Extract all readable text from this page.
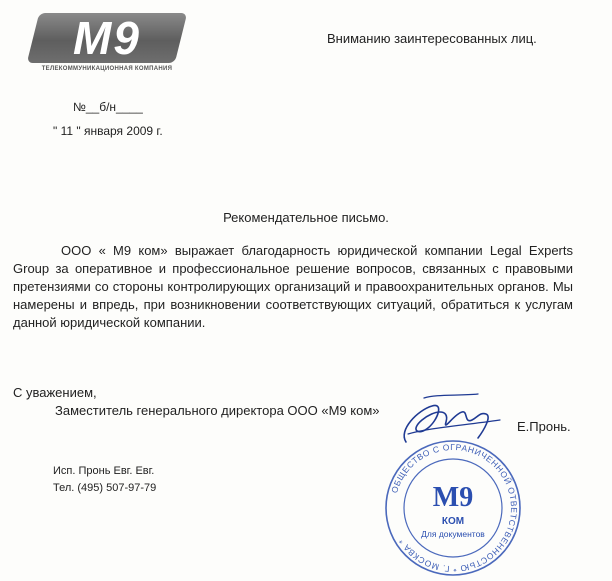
М9
ТЕЛЕКОММУНИКАЦИОННАЯ КОМПАНИЯ
Вниманию заинтересованных лиц.
№__б/н____
" 11 " января 2009 г.
Рекомендательное письмо.
ООО « М9 ком» выражает благодарность юридической компании Legal Experts Group за оперативное и профессиональное решение вопросов, связанных с правовыми претензиями со стороны контролирующих организаций и правоохранительных органов. Мы намерены и впредь, при возникновении соответствующих ситуаций, обратиться к услугам данной юридической компании.
С уважением,
Заместитель генерального директора ООО «М9 ком»
Е.Пронь.
ОБЩЕСТВО С ОГРАНИЧЕННОЙ ОТВЕТСТВЕННОСТЬЮ * Г. МОСКВА *
М9
КОМ
Для документов
Исп. Пронь Евг. Евг.
Тел. (495) 507-97-79
